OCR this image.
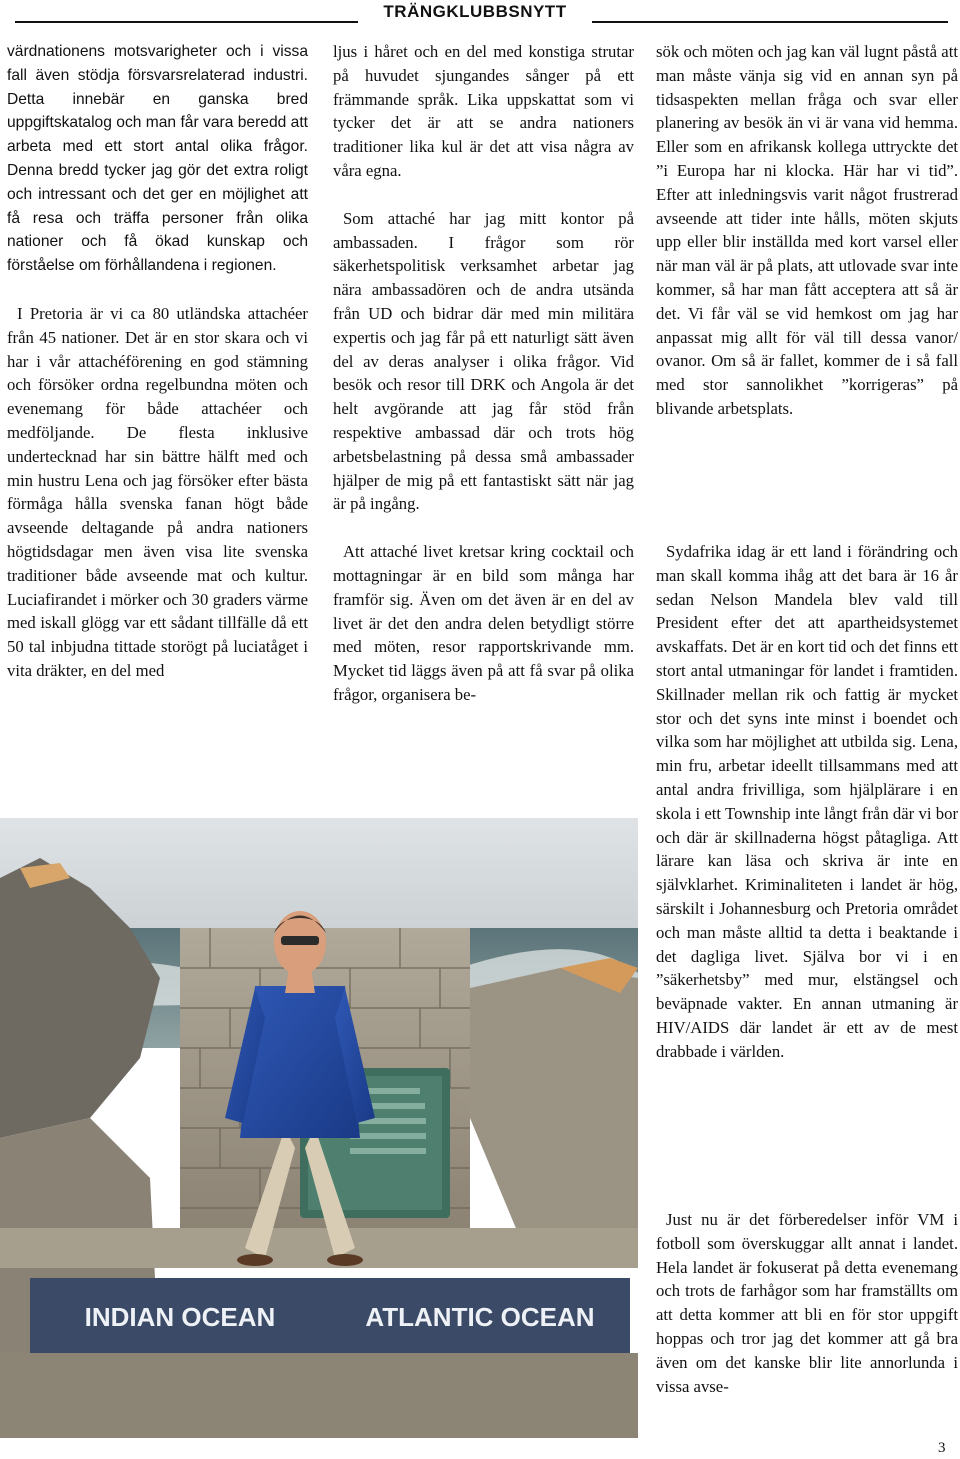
TRÄNGKLUBBSNYTT

värdnationens motsvarigheter och i vissa fall även stödja försvarsrelaterad industri. Detta innebär en ganska bred uppgiftskatalog och man får vara beredd att arbeta med ett stort antal olika frågor. Denna bredd tycker jag gör det extra roligt och intressant och det ger en möjlighet att få resa och träffa personer från olika nationer och få ökad kunskap och förståelse om förhållandena i regionen.

I Pretoria är vi ca 80 utländska attachéer från 45 nationer. Det är en stor skara och vi har i vår attachéförening en god stämning och försöker ordna regelbundna möten och evenemang för både attachéer och medföljande. De flesta inklusive undertecknad har sin bättre hälft med och min hustru Lena och jag försöker efter bästa förmåga hålla svenska fanan högt både avseende deltagande på andra nationers högtidsdagar men även visa lite svenska traditioner både avseende mat och kultur. Luciafirandet i mörker och 30 graders värme med iskall glögg var ett sådant tillfälle då ett 50 tal inbjudna tittade storögt på luciatåget i vita dräkter, en del med

ljus i håret och en del med konstiga strutar på huvudet sjungandes sånger på ett främmande språk. Lika uppskattat som vi tycker det är att se andra nationers traditioner lika kul är det att visa några av våra egna.

Som attaché har jag mitt kontor på ambassaden. I frågor som rör säkerhetspolitisk verksamhet arbetar jag nära ambassadören och de andra utsända från UD och bidrar där med min militära expertis och jag får på ett naturligt sätt även del av deras analyser i olika frågor. Vid besök och resor till DRK och Angola är det helt avgörande att jag får stöd från respektive ambassad där och trots hög arbetsbelastning på dessa små ambassader hjälper de mig på ett fantastiskt sätt när jag är på ingång.

Att attaché livet kretsar kring cocktail och mottagningar är en bild som många har framför sig. Även om det även är en del av livet är det den andra delen betydligt större med möten, resor rapportskrivande mm. Mycket tid läggs även på att få svar på olika frågor, organisera be-

sök och möten och jag kan väl lugnt påstå att man måste vänja sig vid en annan syn på tidsaspekten mellan fråga och svar eller planering av besök än vi är vana vid hemma. Eller som en afrikansk kollega uttryckte det ”i Europa har ni klocka. Här har vi tid”. Efter att inledningsvis varit något frustrerad avseende att tider inte hålls, möten skjuts upp eller blir inställda med kort varsel eller när man väl är på plats, att utlovade svar inte kommer, så har man fått acceptera att så är det. Vi får väl se vid hemkost om jag har anpassat mig allt för väl till dessa vanor/ ovanor. Om så är fallet, kommer de i så fall med stor sannolikhet ”korrigeras” på blivande arbetsplats.

Sydafrika idag är ett land i förändring och man skall komma ihåg att det bara är 16 år sedan Nelson Mandela blev vald till President efter det att apartheidsystemet avskaffats. Det är en kort tid och det finns ett stort antal utmaningar för landet i framtiden. Skillnader mellan rik och fattig är mycket stor och det syns inte minst i boendet och vilka som har möjlighet att utbilda sig. Lena, min fru, arbetar ideellt tillsammans med att antal andra frivilliga, som hjälplärare i en skola i ett Township inte långt från där vi bor och där är skillnaderna högst påtagliga. Att lärare kan läsa och skriva är inte en självklarhet. Kriminaliteten i landet är hög, särskilt i Johannesburg och Pretoria området och man måste alltid ta detta i beaktande i det dagliga livet. Själva bor vi i en ”säkerhetsby” med mur, elstängsel och beväpnade vakter. En annan utmaning är HIV/AIDS där landet är ett av de mest drabbade i världen.

Just nu är det förberedelser inför VM i fotboll som överskuggar allt annat i landet. Hela landet är fokuserat på detta evenemang och trots de farhågor som har framställts om att detta kommer att bli en för stor uppgift hoppas och tror jag det kommer att gå bra även om det kanske blir lite annorlunda i vissa avse-

INDIAN OCEAN	ATLANTIC OCEAN
3
